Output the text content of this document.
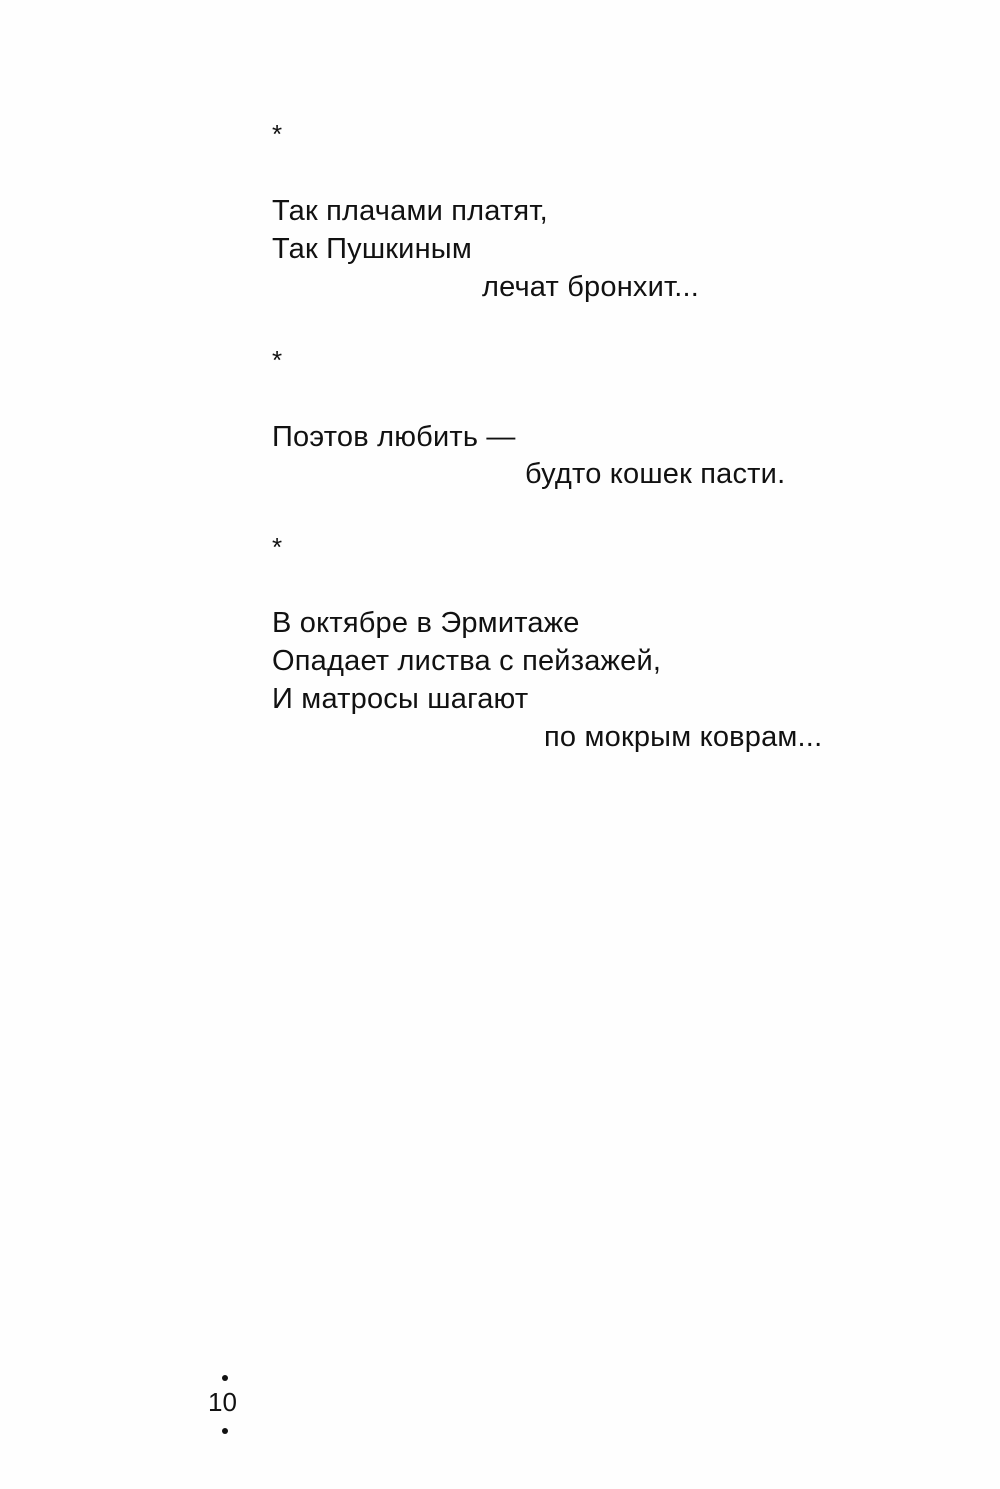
*
Так плачами платят,
Так Пушкиным
лечат бронхит...
*
Поэтов любить —
будто кошек пасти.
*
В октябре в Эрмитаже
Опадает листва с пейзажей,
И матросы шагают
по мокрым коврам...
10
